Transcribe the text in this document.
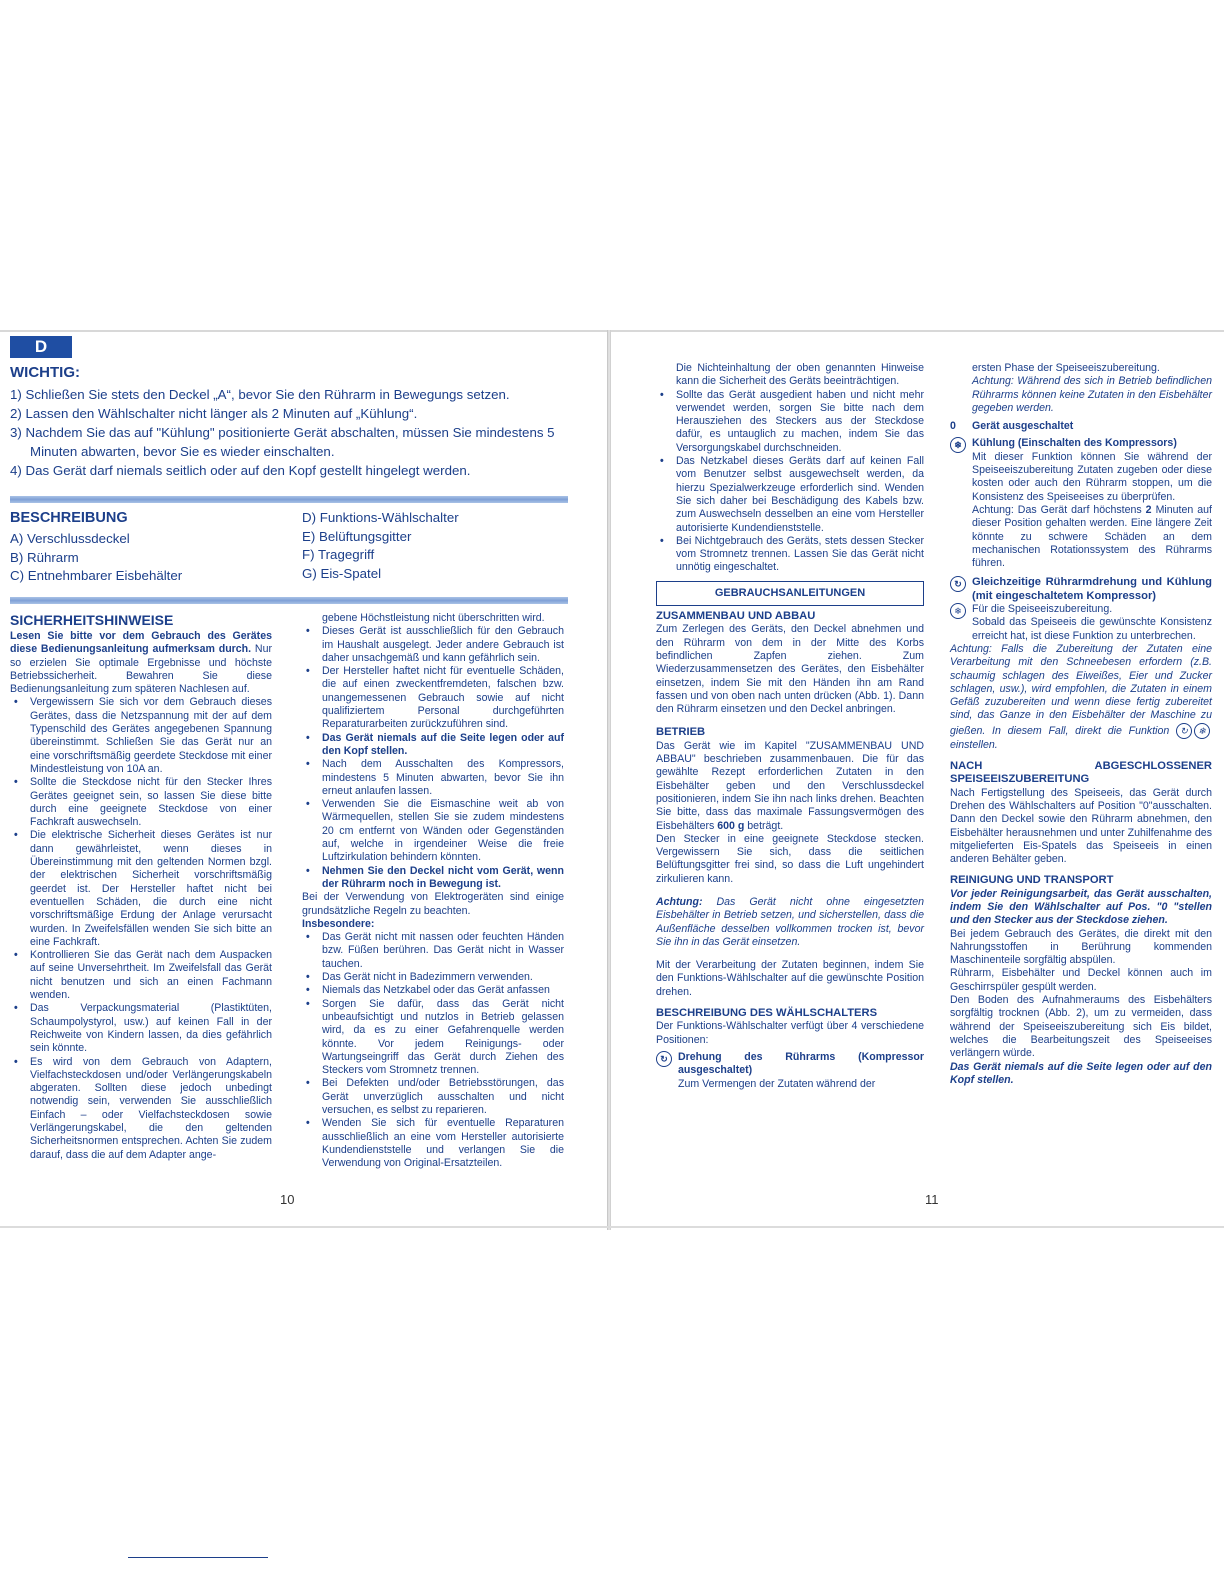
D
WICHTIG:
1) Schließen Sie stets den Deckel „A“, bevor Sie den Rührarm in Bewegungs setzen.
2) Lassen den Wählschalter nicht länger als 2 Minuten auf „Kühlung“.
3) Nachdem Sie das auf "Kühlung" positionierte Gerät abschalten, müssen Sie mindestens 5 Minuten abwarten, bevor Sie es wieder einschalten.
4) Das Gerät darf niemals seitlich oder auf den Kopf gestellt hingelegt werden.
BESCHREIBUNG
A) Verschlussdeckel
B) Rührarm
C) Entnehmbarer Eisbehälter
D) Funktions-Wählschalter
E) Belüftungsgitter
F) Tragegriff
G) Eis-Spatel

SICHERHEITSHINWEISE

Lesen Sie bitte vor dem Gebrauch des Gerätes diese Bedienungsanleitung aufmerksam durch. Nur so erzielen Sie optimale Ergebnisse und höchste Betriebssicherheit. Bewahren Sie diese Bedienungsanleitung zum späteren Nachlesen auf.

• Vergewissern Sie sich vor dem Gebrauch dieses Gerätes, dass die Netzspannung mit der auf dem Typenschild des Gerätes angegebenen Spannung übereinstimmt. Schließen Sie das Gerät nur an eine vorschriftsmäßig geerdete Steckdose mit einer Mindestleistung von 10A an.
• Sollte die Steckdose nicht für den Stecker Ihres Gerätes geeignet sein, so lassen Sie diese bitte durch eine geeignete Steckdose von einer Fachkraft auswechseln.
• Die elektrische Sicherheit dieses Gerätes ist nur dann gewährleistet, wenn dieses in Übereinstimmung mit den geltenden Normen bzgl. der elektrischen Sicherheit vorschriftsmäßig geerdet ist. Der Hersteller haftet nicht bei eventuellen Schäden, die durch eine nicht vorschriftsmäßige Erdung der Anlage verursacht wurden. In Zweifelsfällen wenden Sie sich bitte an eine Fachkraft.
• Kontrollieren Sie das Gerät nach dem Auspacken auf seine Unversehrtheit. Im Zweifelsfall das Gerät nicht benutzen und sich an einen Fachmann wenden.
• Das Verpackungsmaterial (Plastiktüten, Schaumpolystyrol, usw.) auf keinen Fall in der Reichweite von Kindern lassen, da dies gefährlich sein könnte.
• Es wird von dem Gebrauch von Adaptern, Vielfachsteckdosen und/oder Verlängerungskabeln abgeraten. Sollten diese jedoch unbedingt notwendig sein, verwenden Sie ausschließlich Einfach – oder Vielfachsteckdosen sowie Verlängerungskabel, die den geltenden Sicherheitsnormen entsprechen. Achten Sie zudem darauf, dass die auf dem Adapter ange-

gebene Höchstleistung nicht überschritten wird.

• Dieses Gerät ist ausschließlich für den Gebrauch im Haushalt ausgelegt. Jeder andere Gebrauch ist daher unsachgemäß und kann gefährlich sein.
• Der Hersteller haftet nicht für eventuelle Schäden, die auf einen zweckentfremdeten, falschen bzw. unangemessenen Gebrauch sowie auf nicht qualifiziertem Personal durchgeführten Reparaturarbeiten zurückzuführen sind.
• Das Gerät niemals auf die Seite legen oder auf den Kopf stellen.
• Nach dem Ausschalten des Kompressors, mindestens 5 Minuten abwarten, bevor Sie ihn erneut anlaufen lassen.
• Verwenden Sie die Eismaschine weit ab von Wärmequellen, stellen Sie sie zudem mindestens 20 cm entfernt von Wänden oder Gegenständen auf, welche in irgendeiner Weise die freie Luftzirkulation behindern könnten.
• Nehmen Sie den Deckel nicht vom Gerät, wenn der Rührarm noch in Bewegung ist.

Bei der Verwendung von Elektrogeräten sind einige grundsätzliche Regeln zu beachten.

Insbesondere:

• Das Gerät nicht mit nassen oder feuchten Händen bzw. Füßen berühren. Das Gerät nicht in Wasser tauchen.
• Das Gerät nicht in Badezimmern verwenden.
• Niemals das Netzkabel oder das Gerät anfassen
• Sorgen Sie dafür, dass das Gerät nicht unbeaufsichtigt und nutzlos in Betrieb gelassen wird, da es zu einer Gefahrenquelle werden könnte. Vor jedem Reinigungs- oder Wartungseingriff das Gerät durch Ziehen des Steckers vom Stromnetz trennen.
• Bei Defekten und/oder Betriebsstörungen, das Gerät unverzüglich ausschalten und nicht versuchen, es selbst zu reparieren.
• Wenden Sie sich für eventuelle Reparaturen ausschließlich an eine vom Hersteller autorisierte Kundendienststelle und verlangen Sie die Verwendung von Original-Ersatzteilen.
10

Die Nichteinhaltung der oben genannten Hinweise kann die Sicherheit des Geräts beeinträchtigen.

• Sollte das Gerät ausgedient haben und nicht mehr verwendet werden, sorgen Sie bitte nach dem Herausziehen des Steckers aus der Steckdose dafür, es untauglich zu machen, indem Sie das Versorgungskabel durchschneiden.
• Das Netzkabel dieses Geräts darf auf keinen Fall vom Benutzer selbst ausgewechselt werden, da hierzu Spezialwerkzeuge erforderlich sind. Wenden Sie sich daher bei Beschädigung des Kabels bzw. zum Auswechseln desselben an eine vom Hersteller autorisierte Kundendienststelle.
• Bei Nichtgebrauch des Geräts, stets dessen Stecker vom Stromnetz trennen. Lassen Sie das Gerät nicht unnötig eingeschaltet.

GEBRAUCHSANLEITUNGEN

ZUSAMMENBAU UND ABBAU

Zum Zerlegen des Geräts, den Deckel abnehmen und den Rührarm von dem in der Mitte des Korbs befindlichen Zapfen ziehen. Zum Wiederzusammensetzen des Gerätes, den Eisbehälter einsetzen, indem Sie mit den Händen ihn am Rand fassen und von oben nach unten drücken (Abb. 1). Dann den Rührarm einsetzen und den Deckel anbringen.

BETRIEB

Das Gerät wie im Kapitel "ZUSAMMENBAU UND ABBAU" beschrieben zusammenbauen. Die für das gewählte Rezept erforderlichen Zutaten in den Eisbehälter geben und den Verschlussdeckel positionieren, indem Sie ihn nach links drehen. Beachten Sie bitte, dass das maximale Fassungsvermögen des Eisbehälters 600 g beträgt.

Den Stecker in eine geeignete Steckdose stecken. Vergewissern Sie sich, dass die seitlichen Belüftungsgitter frei sind, so dass die Luft ungehindert zirkulieren kann.

Achtung: Das Gerät nicht ohne eingesetzten Eisbehälter in Betrieb setzen, und sicherstellen, dass die Außenfläche desselben vollkommen trocken ist, bevor Sie ihn in das Gerät einsetzen.

Mit der Verarbeitung der Zutaten beginnen, indem Sie den Funktions-Wählschalter auf die gewünschte Position drehen.

BESCHREIBUNG DES WÄHLSCHALTERS

Der Funktions-Wählschalter verfügt über 4 verschiedene Positionen:

↻ Drehung des Rührarms (Kompressor ausgeschaltet)

Zum Vermengen der Zutaten während der

ersten Phase der Speiseeiszubereitung.

Achtung: Während des sich in Betrieb befindlichen Rührarms können keine Zutaten in den Eisbehälter gegeben werden.

0 Gerät ausgeschaltet

❄ Kühlung (Einschalten des Kompressors)

Mit dieser Funktion können Sie während der Speiseeiszubereitung Zutaten zugeben oder diese kosten oder auch den Rührarm stoppen, um die Konsistenz des Speiseeises zu überprüfen.

Achtung: Das Gerät darf höchstens 2 Minuten auf dieser Position gehalten werden. Eine längere Zeit könnte zu schwere Schäden an dem mechanischen Rotationssystem des Rührarms führen.

↻ Gleichzeitige Rührarmdrehung und Kühlung (mit eingeschaltetem Kompressor)

❄ Für die Speiseeiszubereitung.

Sobald das Speiseeis die gewünschte Konsistenz erreicht hat, ist diese Funktion zu unterbrechen.

Achtung: Falls die Zubereitung der Zutaten eine Verarbeitung mit den Schneebesen erfordern (z.B. schaumig schlagen des Eiweißes, Eier und Zucker schlagen, usw.), wird empfohlen, die Zutaten in einem Gefäß zuzubereiten und wenn diese fertig zubereitet sind, das Ganze in den Eisbehälter der Maschine zu gießen. In diesem Fall, direkt die Funktion ↻ ❄einstellen.

NACH ABGESCHLOSSENER SPEISEEISZUBEREITUNG

Nach Fertigstellung des Speiseeis, das Gerät durch Drehen des Wählschalters auf Position "0"ausschalten. Dann den Deckel sowie den Rührarm abnehmen, den Eisbehälter herausnehmen und unter Zuhilfenahme des mitgelieferten Eis-Spatels das Speiseeis in einen anderen Behälter geben.

REINIGUNG UND TRANSPORT

Vor jeder Reinigungsarbeit, das Gerät ausschalten, indem Sie den Wählschalter auf Pos. "0 "stellen und den Stecker aus der Steckdose ziehen.

Bei jedem Gebrauch des Gerätes, die direkt mit den Nahrungsstoffen in Berührung kommenden Maschinenteile sorgfältig abspülen.

Rührarm, Eisbehälter und Deckel können auch im Geschirrspüler gespült werden.

Den Boden des Aufnahmeraums des Eisbehälters sorgfältig trocknen (Abb. 2), um zu vermeiden, dass während der Speiseeiszubereitung sich Eis bildet, welches die Bearbeitungszeit des Speiseeises verlängern würde.

Das Gerät niemals auf die Seite legen oder auf den Kopf stellen.

11
